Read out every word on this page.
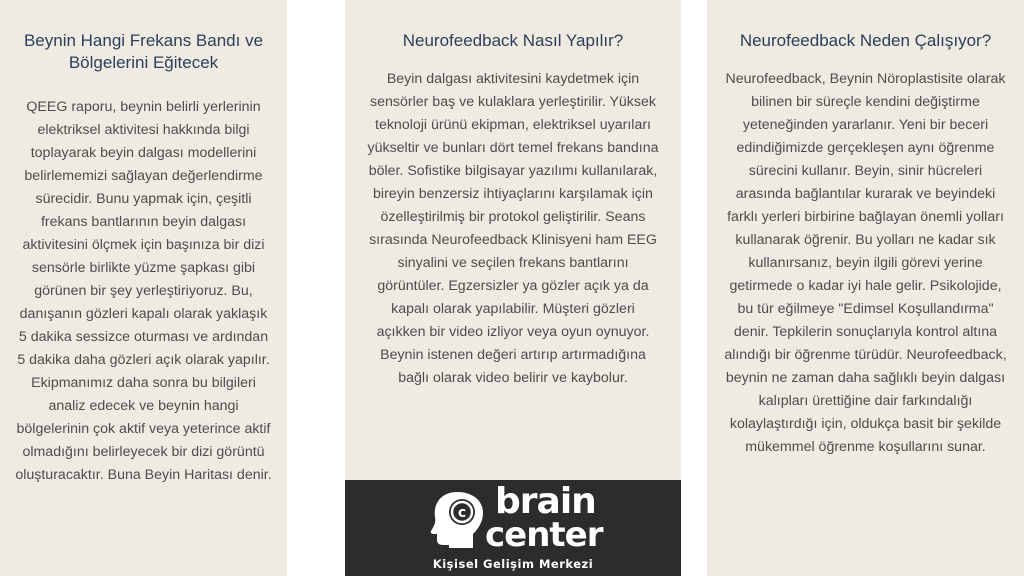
Beynin Hangi Frekans Bandı ve Bölgelerini Eğitecek

QEEG raporu, beynin belirli yerlerinin elektriksel aktivitesi hakkında bilgi toplayarak beyin dalgası modellerini belirlememizi sağlayan değerlendirme sürecidir. Bunu yapmak için, çeşitli frekans bantlarının beyin dalgası aktivitesini ölçmek için başınıza bir dizi sensörle birlikte yüzme şapkası gibi görünen bir şey yerleştiriyoruz. Bu, danışanın gözleri kapalı olarak yaklaşık 5 dakika sessizce oturması ve ardından 5 dakika daha gözleri açık olarak yapılır. Ekipmanımız daha sonra bu bilgileri analiz edecek ve beynin hangi bölgelerinin çok aktif veya yeterince aktif olmadığını belirleyecek bir dizi görüntü oluşturacaktır. Buna Beyin Haritası denir.

Neurofeedback Nasıl Yapılır?

Beyin dalgası aktivitesini kaydetmek için sensörler baş ve kulaklara yerleştirilir. Yüksek teknoloji ürünü ekipman, elektriksel uyarıları yükseltir ve bunları dört temel frekans bandına böler. Sofistike bilgisayar yazılımı kullanılarak, bireyin benzersiz ihtiyaçlarını karşılamak için özelleştirilmiş bir protokol geliştirilir. Seans sırasında Neurofeedback Klinisyeni ham EEG sinyalini ve seçilen frekans bantlarını görüntüler. Egzersizler ya gözler açık ya da kapalı olarak yapılabilir. Müşteri gözleri açıkken bir video izliyor veya oyun oynuyor. Beynin istenen değeri artırıp artırmadığına bağlı olarak video belirir ve kaybolur.

Neurofeedback Neden Çalışıyor?

Neurofeedback, Beynin Nöroplastisite olarak bilinen bir süreçle kendini değiştirme yeteneğinden yararlanır. Yeni bir beceri edindiğimizde gerçekleşen aynı öğrenme sürecini kullanır. Beyin, sinir hücreleri arasında bağlantılar kurarak ve beyindeki farklı yerleri birbirine bağlayan önemli yolları kullanarak öğrenir. Bu yolları ne kadar sık kullanırsanız, beyin ilgili görevi yerine getirmede o kadar iyi hale gelir. Psikolojide, bu tür eğilmeye "Edimsel Koşullandırma" denir. Tepkilerin sonuçlarıyla kontrol altına alındığı bir öğrenme türüdür. Neurofeedback, beynin ne zaman daha sağlıklı beyin dalgası kalıpları ürettiğine dair farkındalığı kolaylaştırdığı için, oldukça basit bir şekilde mükemmel öğrenme koşullarını sunar.

c brain
center
Kişisel Gelişim Merkezi
